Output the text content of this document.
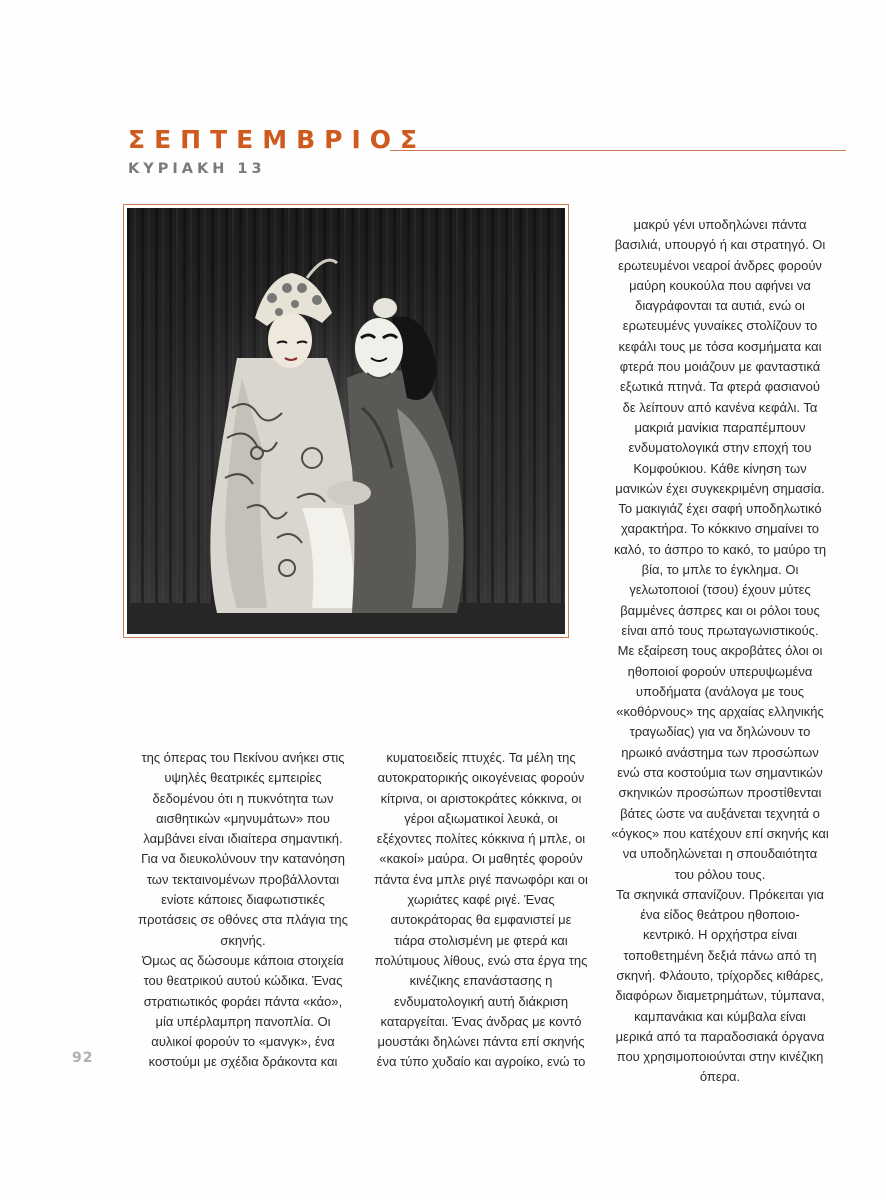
ΣΕΠΤΕΜΒΡΙΟΣ
ΚΥΡΙΑΚΗ 13

της όπερας του Πεκίνου ανήκει στις

υψηλές θεατρικές εμπειρίες

δεδομένου ότι η πυκνότητα των

αισθητικών «μηνυμάτων» που

λαμβάνει είναι ιδιαίτερα σημαντική.

Για να διευκολύνουν την κατανόηση

των τεκταινομένων προβάλλονται

ενίοτε κάποιες διαφωτιστικές

προτάσεις σε οθόνες στα πλάγια της

σκηνής.

Όμως ας δώσουμε κάποια στοιχεία

του θεατρικού αυτού κώδικα. Ένας

στρατιωτικός φοράει πάντα «κάο»,

μία υπέρλαμπρη πανοπλία. Οι

αυλικοί φορούν το «μανγκ», ένα

κοστούμι με σχέδια δράκοντα και

κυματοειδείς πτυχές. Τα μέλη της

αυτοκρατορικής οικογένειας φορούν

κίτρινα, οι αριστοκράτες κόκκινα, οι

γέροι αξιωματικοί λευκά, οι

εξέχοντες πολίτες κόκκινα ή μπλε, οι

«κακοί» μαύρα. Οι μαθητές φορούν

πάντα ένα μπλε ριγέ πανωφόρι και οι

χωριάτες καφέ ριγέ. Ένας

αυτοκράτορας θα εμφανιστεί με

τιάρα στολισμένη με φτερά και

πολύτιμους λίθους, ενώ στα έργα της

κινέζικης επανάστασης η

ενδυματολογική αυτή διάκριση

καταργείται. Ένας άνδρας με κοντό

μουστάκι δηλώνει πάντα επί σκηνής

ένα τύπο χυδαίο και αγροίκο, ενώ το

μακρύ γένι υποδηλώνει πάντα

βασιλιά, υπουργό ή και στρατηγό. Οι

ερωτευμένοι νεαροί άνδρες φορούν

μαύρη κουκούλα που αφήνει να

διαγράφονται τα αυτιά, ενώ οι

ερωτευμένς γυναίκες στολίζουν το

κεφάλι τους με τόσα κοσμήματα και

φτερά που μοιάζουν με φανταστικά

εξωτικά πτηνά. Τα φτερά φασιανού

δε λείπουν από κανένα κεφάλι. Τα

μακριά μανίκια παραπέμπουν

ενδυματολογικά στην εποχή του

Κομφούκιου. Κάθε κίνηση των

μανικών έχει συγκεκριμένη σημασία.

Το μακιγιάζ έχει σαφή υποδηλωτικό

χαρακτήρα. Το κόκκινο σημαίνει το

καλό, το άσπρο το κακό, το μαύρο τη

βία, το μπλε το έγκλημα. Οι

γελωτοποιοί (τσου) έχουν μύτες

βαμμένες άσπρες και οι ρόλοι τους

είναι από τους πρωταγωνιστικούς.

Με εξαίρεση τους ακροβάτες όλοι οι

ηθοποιοί φορούν υπερυψωμένα

υποδήματα (ανάλογα με τους

«κοθόρνους» της αρχαίας ελληνικής

τραγωδίας) για να δηλώνουν το

ηρωικό ανάστημα των προσώπων

ενώ στα κοστούμια των σημαντικών

σκηνικών προσώπων προστίθενται

βάτες ώστε να αυξάνεται τεχνητά ο

«όγκος» που κατέχουν επί σκηνής και

να υποδηλώνεται η σπουδαιότητα

του ρόλου τους.

Τα σκηνικά σπανίζουν. Πρόκειται για

ένα είδος θεάτρου ηθοποιο-

κεντρικό. Η ορχήστρα είναι

τοποθετημένη δεξιά πάνω από τη

σκηνή. Φλάουτο, τρίχορδες κιθάρες,

διαφόρων διαμετρημάτων, τύμπανα,

καμπανάκια και κύμβαλα είναι

μερικά από τα παραδοσιακά όργανα

που χρησιμοποιούνται στην κινέζικη

όπερα.

92
